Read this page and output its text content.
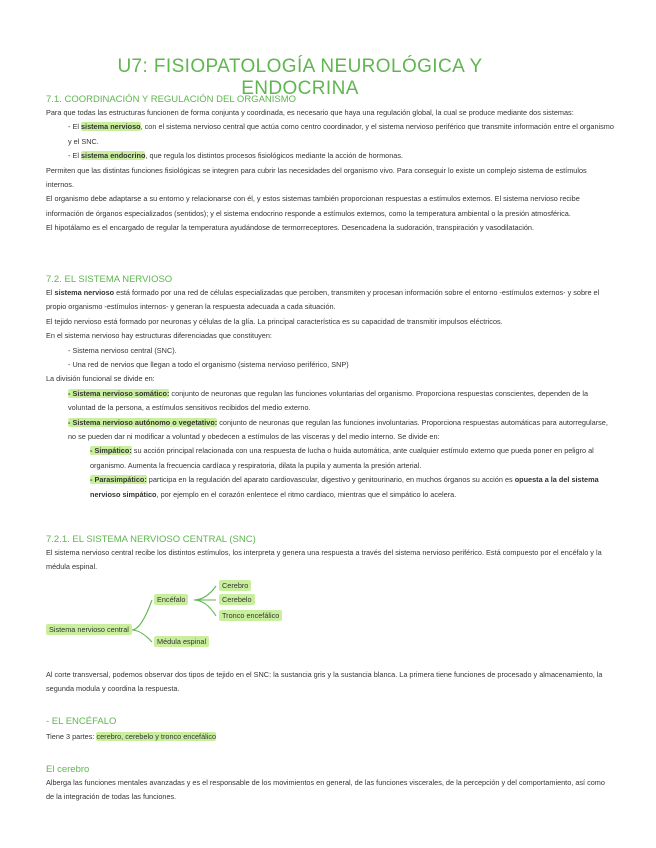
U7: FISIOPATOLOGÍA NEUROLÓGICA Y ENDOCRINA
7.1. COORDINACIÓN Y REGULACIÓN DEL ORGANISMO

Para que todas las estructuras funcionen de forma conjunta y coordinada, es necesario que haya una regulación global, la cual se produce mediante dos sistemas:

- El sistema nervioso, con el sistema nervioso central que actúa como centro coordinador, y el sistema nervioso periférico que transmite información entre el organismo y el SNC.

- El sistema endocrino, que regula los distintos procesos fisiológicos mediante la acción de hormonas.

Permiten que las distintas funciones fisiológicas se integren para cubrir las necesidades del organismo vivo. Para conseguir lo existe un complejo sistema de estímulos internos.

El organismo debe adaptarse a su entorno y relacionarse con él, y estos sistemas también proporcionan respuestas a estímulos externos. El sistema nervioso recibe información de órganos especializados (sentidos); y el sistema endocrino responde a estímulos externos, como la temperatura ambiental o la presión atmosférica.

El hipotálamo es el encargado de regular la temperatura ayudándose de termorreceptores. Desencadena la sudoración, transpiración y vasodilatación.

7.2. EL SISTEMA NERVIOSO

El sistema nervioso está formado por una red de células especializadas que perciben, transmiten y procesan información sobre el entorno -estímulos externos- y sobre el propio organismo -estímulos internos- y generan la respuesta adecuada a cada situación.

El tejido nervioso está formado por neuronas y células de la glía. La principal característica es su capacidad de transmitir impulsos eléctricos.

En el sistema nervioso hay estructuras diferenciadas que constituyen:

- Sistema nervioso central (SNC).

- Una red de nervios que llegan a todo el organismo (sistema nervioso periférico, SNP)

La división funcional se divide en:

- Sistema nervioso somático: conjunto de neuronas que regulan las funciones voluntarias del organismo. Proporciona respuestas conscientes, dependen de la voluntad de la persona, a estímulos sensitivos recibidos del medio externo.

- Sistema nervioso autónomo o vegetativo: conjunto de neuronas que regulan las funciones involuntarias. Proporciona respuestas automáticas para autorregularse, no se pueden dar ni modificar a voluntad y obedecen a estímulos de las vísceras y del medio interno. Se divide en:

- Simpático: su acción principal relacionada con una respuesta de lucha o huida automática, ante cualquier estímulo externo que pueda poner en peligro al organismo. Aumenta la frecuencia cardíaca y respiratoria, dilata la pupila y aumenta la presión arterial.

- Parasimpático: participa en la regulación del aparato cardiovascular, digestivo y genitourinario, en muchos órganos su acción es opuesta a la del sistema nervioso simpático, por ejemplo en el corazón enlentece el ritmo cardiaco, mientras que el simpático lo acelera.

7.2.1. EL SISTEMA NERVIOSO CENTRAL (SNC)

El sistema nervioso central recibe los distintos estímulos, los interpreta y genera una respuesta a través del sistema nervioso periférico. Está compuesto por el encéfalo y la médula espinal.

Sistema nervioso central
Encéfalo
Médula espinal
Cerebro
Cerebelo
Tronco encefálico

Al corte transversal, podemos observar dos tipos de tejido en el SNC: la sustancia gris y la sustancia blanca. La primera tiene funciones de procesado y almacenamiento, la segunda modula y coordina la respuesta.

- EL ENCÉFALO

Tiene 3 partes: cerebro, cerebelo y tronco encefálico

El cerebro

Alberga las funciones mentales avanzadas y es el responsable de los movimientos en general, de las funciones viscerales, de la percepción y del comportamiento, así como de la integración de todas las funciones.
